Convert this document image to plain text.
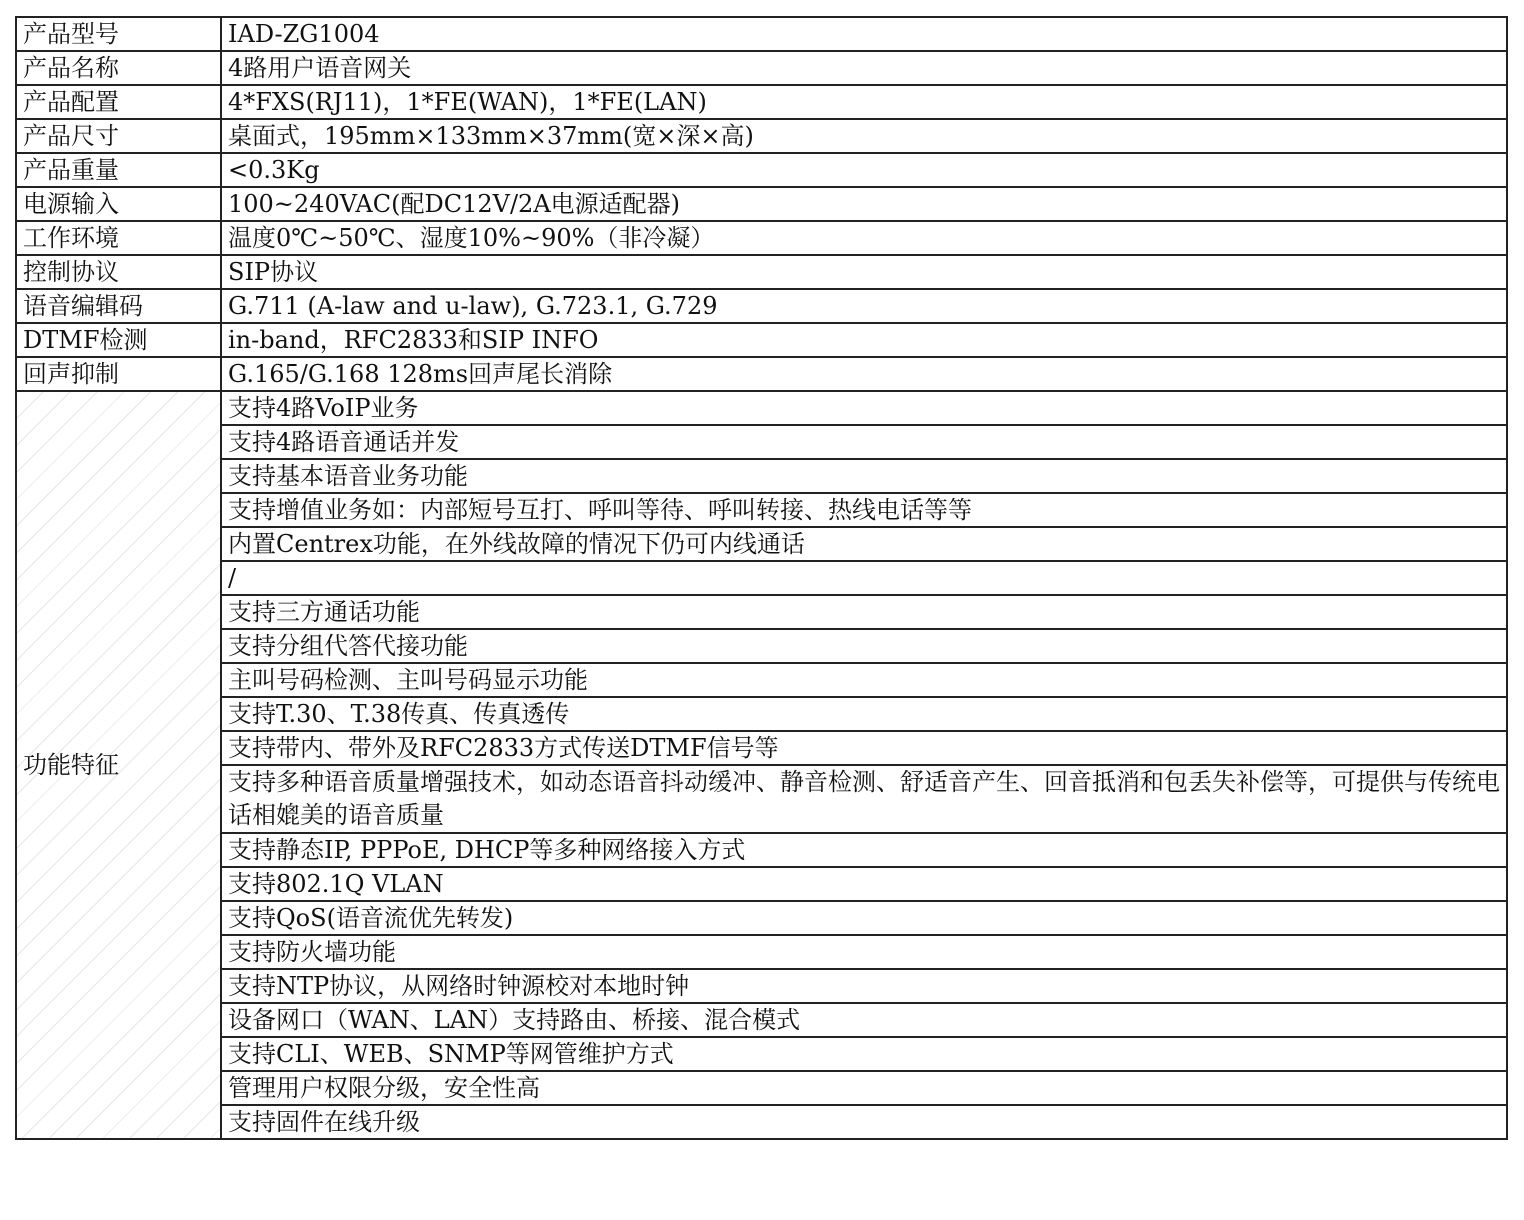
产品型号	IAD-ZG1004
产品名称	4路用户语音网关
产品配置	4*FXS(RJ11)，1*FE(WAN)，1*FE(LAN)
产品尺寸	桌面式，195mm×133mm×37mm(宽×深×高)
产品重量	<0.3Kg
电源输入	100~240VAC(配DC12V/2A电源适配器)
工作环境	温度0℃~50℃、湿度10%~90%（非冷凝）
控制协议	SIP协议
语音编辑码	G.711 (A-law and u-law), G.723.1, G.729
DTMF检测	in-band，RFC2833和SIP INFO
回声抑制	G.165/G.168 128ms回声尾长消除
功能特征	支持4路VoIP业务
	支持4路语音通话并发
	支持基本语音业务功能
	支持增值业务如：内部短号互打、呼叫等待、呼叫转接、热线电话等等
	内置Centrex功能，在外线故障的情况下仍可内线通话
	/
	支持三方通话功能
	支持分组代答代接功能
	主叫号码检测、主叫号码显示功能
	支持T.30、T.38传真、传真透传
	支持带内、带外及RFC2833方式传送DTMF信号等
	支持多种语音质量增强技术，如动态语音抖动缓冲、静音检测、舒适音产生、回音抵消和包丢失补偿等，可提供与传统电话相媲美的语音质量
	支持静态IP, PPPoE, DHCP等多种网络接入方式
	支持802.1Q VLAN
	支持QoS(语音流优先转发)
	支持防火墙功能
	支持NTP协议，从网络时钟源校对本地时钟
	设备网口（WAN、LAN）支持路由、桥接、混合模式
	支持CLI、WEB、SNMP等网管维护方式
	管理用户权限分级，安全性高
	支持固件在线升级
